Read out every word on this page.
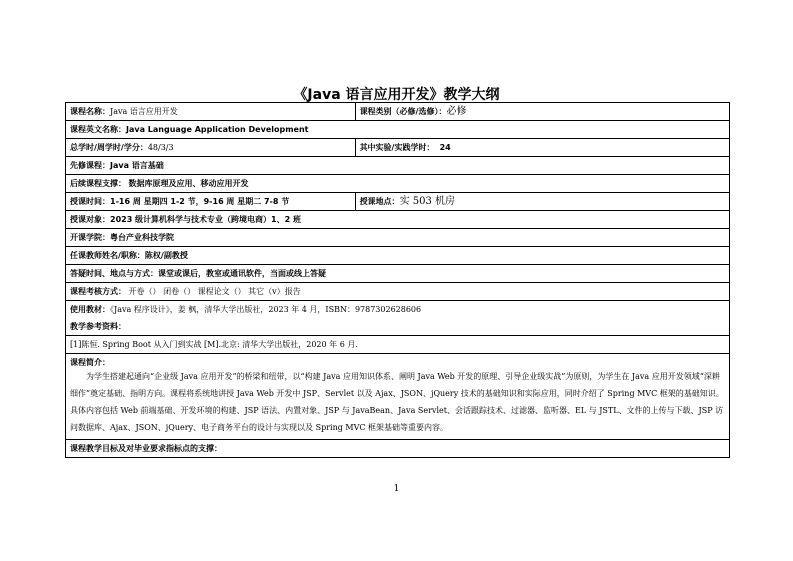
《Java 语言应用开发》教学大纲
课程名称：Java 语言应用开发	课程类别（必修/选修）：必修
课程英文名称：Java Language Application Development	
总学时/周学时/学分：48/3/3	其中实验/实践学时： 24
先修课程：Java 语言基础	
后续课程支撑： 数据库原理及应用、移动应用开发	
授课时间：1-16 周 星期四 1-2 节，9-16 周 星期二 7-8 节	授课地点：实 503 机房
授课对象：2023 级计算机科学与技术专业（跨境电商）1、2 班	
开课学院：粤台产业科技学院	
任课教师姓名/职称：陈权/副教授	
答疑时间、地点与方式：课堂或课后，教室或通讯软件，当面或线上答疑	
课程考核方式： 开卷（） 闭卷（） 课程论文（） 其它（v）报告	
使用教材：《Java 程序设计》，姜 枫，清华大学出版社，2023 年 4 月，ISBN：9787302628606
教学参考资料：	

[1]陈恒. Spring Boot 从入门到实战 [M].北京: 清华大学出版社，2020 年 6 月.	

课程简介：
为学生搭建起通向“企业级 Java 应用开发”的桥梁和纽带，以“构建 Java 应用知识体系、阐明 Java Web 开发的原理、引导企业级实战”为原则，为学生在 Java 应用开发领域“深耕细作”奠定基础、指明方向。课程将系统地讲授 Java Web 开发中 JSP、Servlet 以及 Ajax、JSON、jQuery 技术的基础知识和实际应用，同时介绍了 Spring MVC 框架的基础知识。具体内容包括 Web 前端基础、开发环境的构建、JSP 语法、内置对象、JSP 与 JavaBean、Java Servlet、会话跟踪技术、过滤器、监听器、EL 与 JSTL、文件的上传与下载、JSP 访问数据库、Ajax、JSON、jQuery、电子商务平台的设计与实现以及 Spring MVC 框架基础等重要内容。	

课程教学目标及对毕业要求指标点的支撑：	
1
